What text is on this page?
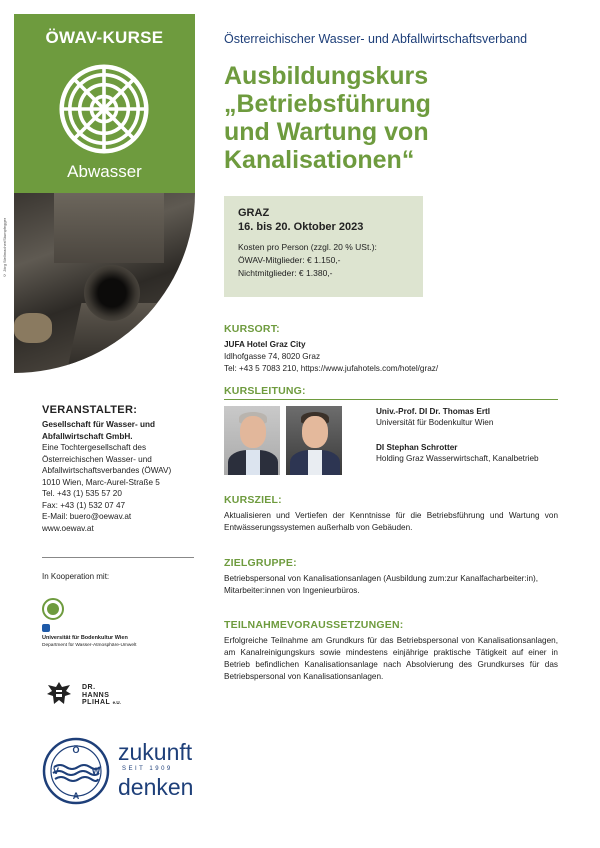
ÖWAV-KURSE
Abwasser
© Jörg Stellmacher/Stumpfegger
Österreichischer Wasser- und Abfallwirtschaftsverband
Ausbildungskurs
„Betriebsführung
und Wartung von
Kanalisationen“
GRAZ
16. bis 20. Oktober 2023
Kosten pro Person (zzgl. 20 % USt.):
ÖWAV-Mitglieder: € 1.150,-
Nichtmitglieder: € 1.380,-
KURSORT:
JUFA Hotel Graz City
Idlhofgasse 74, 8020 Graz
Tel: +43 5 7083 210, https://www.jufahotels.com/hotel/graz/
KURSLEITUNG:
Univ.-Prof. DI Dr. Thomas Ertl
Universität für Bodenkultur Wien
DI Stephan Schrotter
Holding Graz Wasserwirtschaft, Kanalbetrieb
KURSZIEL:
Aktualisieren und Vertiefen der Kenntnisse für die Betriebsführung und Wartung von Entwässerungssystemen außerhalb von Gebäuden.
ZIELGRUPPE:
Betriebspersonal von Kanalisationsanlagen (Ausbildung zum:zur Kanalfacharbeiter:in), Mitarbeiter:innen von Ingenieurbüros.
TEILNAHMEVORAUSSETZUNGEN:
Erfolgreiche Teilnahme am Grundkurs für das Betriebspersonal von Kanalisationsanlagen, am Kanalreinigungskurs sowie mindestens einjährige praktische Tätigkeit auf einer in Betrieb befindlichen Kanalisationsanlage nach Absolvierung des Grundkurses für das Betriebspersonal von Kanalisationsanlagen.
VERANSTALTER:
Gesellschaft für Wasser- und
Abfallwirtschaft GmbH.
Eine Tochtergesellschaft des
Österreichischen Wasser- und
Abfallwirtschaftsverbandes (ÖWAV)
1010 Wien, Marc-Aurel-Straße 5
Tel. +43 (1) 535 57 20
Fax: +43 (1) 532 07 47
E-Mail: buero@oewav.at
www.oewav.at
In Kooperation mit:
Universität für Bodenkultur Wien
Department für Wasser-Atmosphäre-Umwelt
DR.
HANNS
PLIHAL e.U.
Ö
W
A
V
zukunft
SEIT 1909
denken
